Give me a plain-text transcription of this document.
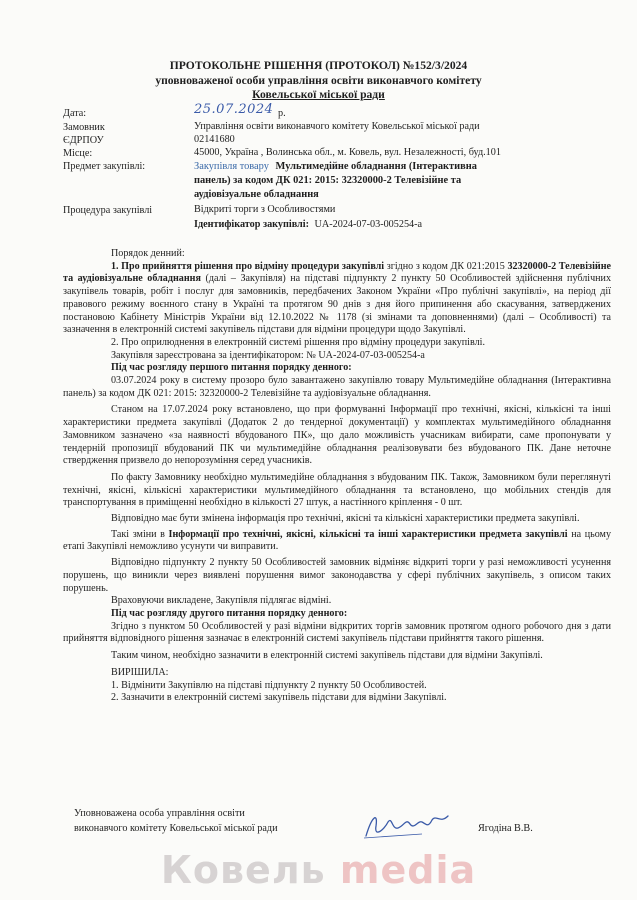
ПРОТОКОЛЬНЕ РІШЕННЯ (ПРОТОКОЛ) №152/3/2024
уповноваженої особи управління освіти виконавчого комітету
Ковельської міської ради
Дата:	25.07.2024 р.
Замовник	Управління освіти виконавчого комітету Ковельської міської ради
ЄДРПОУ	02141680
Місце:	45000, Україна , Волинська обл., м. Ковель, вул. Незалежності, буд.101
Предмет закупівлі:	Закупівля товару Мультимедійне обладнання (Інтерактивна
панель) за кодом ДК 021: 2015: 32320000-2 Телевізійне та
аудіовізуальне обладнання
Процедура закупівлі	Відкриті торги з Особливостями
Ідентифікатор закупівлі: UA-2024-07-03-005254-a

Порядок денний:

1. Про прийняття рішення про відміну процедури закупівлі згідно з кодом ДК 021:2015 32320000-2 Телевізійне та аудіовізуальне обладнання (далі – Закупівля) на підставі підпункту 2 пункту 50 Особливостей здійснення публічних закупівель товарів, робіт і послуг для замовників, передбачених Законом України «Про публічні закупівлі», на період дії правового режиму воєнного стану в Україні та протягом 90 днів з дня його припинення або скасування, затверджених постановою Кабінету Міністрів України від 12.10.2022 № 1178 (зі змінами та доповненнями) (далі – Особливості) та зазначення в електронній системі закупівель підстави для відміни процедури щодо Закупівлі.

2. Про оприлюднення в електронній системі рішення про відміну процедури закупівлі.

Закупівля зареєстрована за ідентифікатором: № UA-2024-07-03-005254-a

Під час розгляду першого питання порядку денного:

03.07.2024 року в систему прозоро було завантажено закупівлю товару Мультимедійне обладнання (Інтерактивна панель) за кодом ДК 021: 2015: 32320000-2 Телевізійне та аудіовізуальне обладнання.

Станом на 17.07.2024 року встановлено, що при формуванні Інформації про технічні, якісні, кількісні та інші характеристики предмета закупівлі (Додаток 2 до тендерної документації) у комплектах мультимедійного обладнання Замовником зазначено «за наявності вбудованого ПК», що дало можливість учасникам вибирати, саме пропонувати у тендерній пропозиції вбудований ПК чи мультимедійне обладнання реалізовувати без вбудованого ПК. Дане неточне ствердження призвело до непорозуміння серед учасників.

По факту Замовнику необхідно мультимедійне обладнання з вбудованим ПК. Також, Замовником були переглянуті технічні, якісні, кількісні характеристики мультимедійного обладнання та встановлено, що мобільних стендів для транспортування в приміщенні необхідно в кількості 27 штук, а настінного кріплення - 0 шт.

Відповідно має бути змінена інформація про технічні, якісні та кількісні характеристики предмета закупівлі.

Такі зміни в Інформації про технічні, якісні, кількісні та інші характеристики предмета закупівлі на цьому етапі Закупівлі неможливо усунути чи виправити.

Відповідно підпункту 2 пункту 50 Особливостей замовник відміняє відкриті торги у разі неможливості усунення порушень, що виникли через виявлені порушення вимог законодавства у сфері публічних закупівель, з описом таких порушень.

Враховуючи викладене, Закупівля підлягає відміні.

Під час розгляду другого питання порядку денного:

Згідно з пунктом 50 Особливостей у разі відміни відкритих торгів замовник протягом одного робочого дня з дати прийняття відповідного рішення зазначає в електронній системі закупівель підстави прийняття такого рішення.

Таким чином, необхідно зазначити в електронній системі закупівель підстави для відміни Закупівлі.

ВИРІШИЛА:

1. Відмінити Закупівлю на підставі підпункту 2 пункту 50 Особливостей.

2. Зазначити в електронній системі закупівель підстави для відміни Закупівлі.

Уповноважена особа управління освіти
виконавчого комітету Ковельської міської ради	Ягодіна В.В.
Ковель media
